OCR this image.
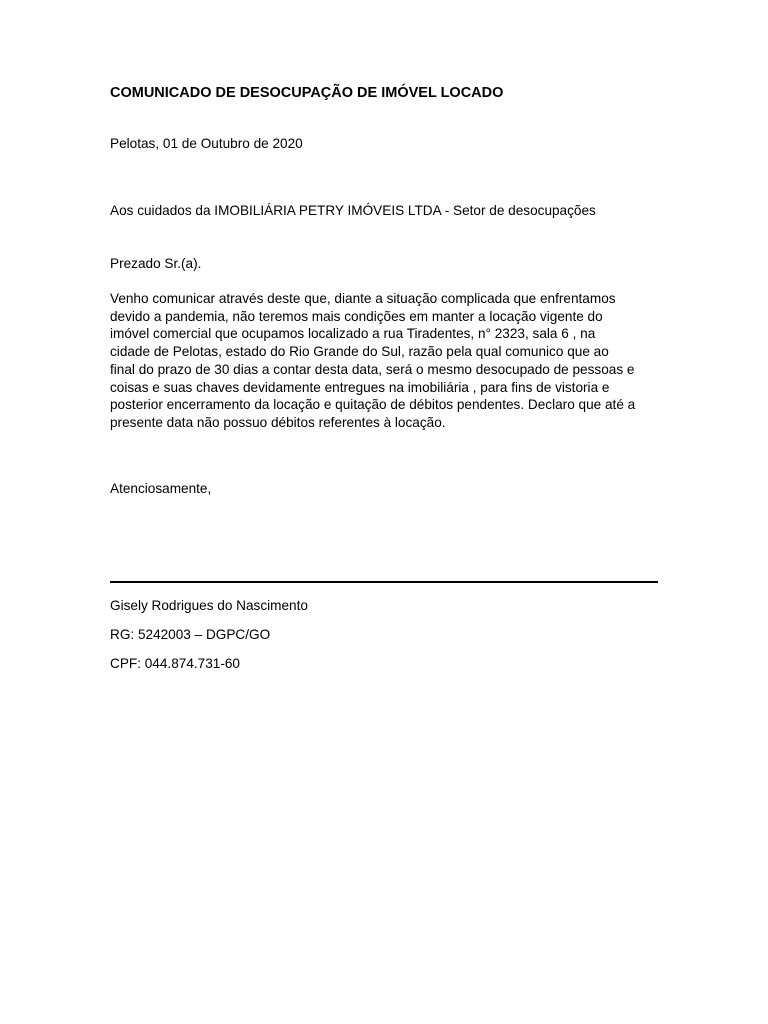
COMUNICADO DE DESOCUPAÇÃO DE IMÓVEL LOCADO
Pelotas, 01 de Outubro de 2020
Aos cuidados da IMOBILIÁRIA PETRY IMÓVEIS LTDA - Setor de desocupações
Prezado Sr.(a).
Venho comunicar através deste que, diante a situação complicada que enfrentamos
devido a pandemia, não teremos mais condições em manter a locação vigente do
imóvel comercial que ocupamos localizado a rua Tiradentes, n° 2323, sala 6 , na
cidade de Pelotas, estado do Rio Grande do Sul, razão pela qual comunico que ao
final do prazo de 30 dias a contar desta data, será o mesmo desocupado de pessoas e
coisas e suas chaves devidamente entregues na imobiliária , para fins de vistoria e
posterior encerramento da locação e quitação de débitos pendentes. Declaro que até a
presente data não possuo débitos referentes à locação.
Atenciosamente,
Gisely Rodrigues do Nascimento
RG: 5242003 – DGPC/GO
CPF: 044.874.731-60
